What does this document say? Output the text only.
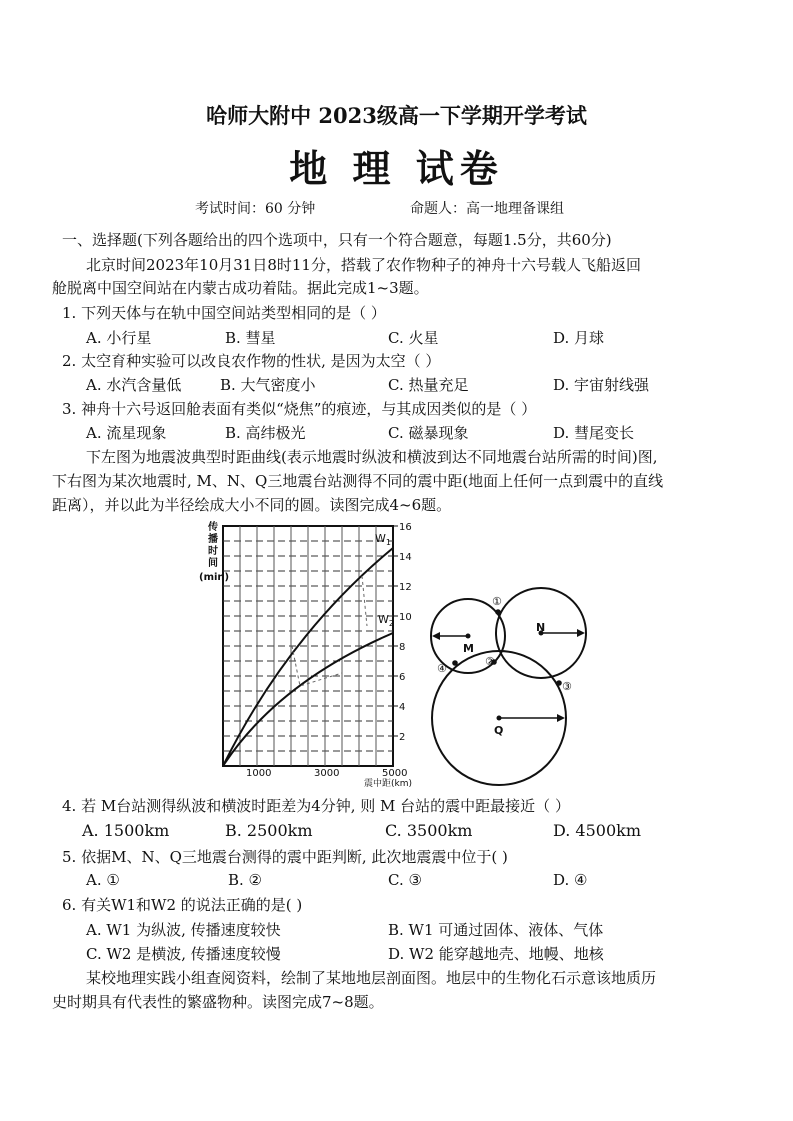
哈师大附中 2023级高一下学期开学考试
地 理 试卷
考试时间：60 分钟	命题人：高一地理备课组
一、选择题(下列各题给出的四个选项中，只有一个符合题意，每题1.5分，共60分)
北京时间2023年10月31日8时11分，搭载了农作物种子的神舟十六号载人飞船返回
舱脱离中国空间站在内蒙古成功着陆。据此完成1~3题。
1. 下列天体与在轨中国空间站类型相同的是（ ）
A. 小行星	B. 彗星	C. 火星	D. 月球
2. 太空育种实验可以改良农作物的性状, 是因为太空（ ）
A. 水汽含量低	B. 大气密度小	C. 热量充足	D. 宇宙射线强
3. 神舟十六号返回舱表面有类似“烧焦”的痕迹，与其成因类似的是（ ）
A. 流星现象	B. 高纬极光	C. 磁暴现象	D. 彗尾变长
下左图为地震波典型时距曲线(表示地震时纵波和横波到达不同地震台站所需的时间)图,
下右图为某次地震时, M、N、Q三地震台站测得不同的震中距(地面上任何一点到震中的直线
距离），并以此为半径绘成大小不同的圆。读图完成4~6题。
传
播
时
间
(min)
16
14
12
10
8
6
4
2
$W_1$
$W_2$
1000	3000	5000
震中距(km)
M
N
Q
①
②
③
④
4. 若 M台站测得纵波和横波时距差为4分钟, 则 M 台站的震中距最接近（ ）
A. 1500km	B. 2500km	C. 3500km	D. 4500km
5. 依据M、N、Q三地震台测得的震中距判断, 此次地震震中位于( )
A. ①	B. ②	C. ③	D. ④
6. 有关W1和W2 的说法正确的是( )
A. W1 为纵波, 传播速度较快	B. W1 可通过固体、液体、气体
C. W2 是横波, 传播速度较慢	D. W2 能穿越地壳、地幔、地核
某校地理实践小组查阅资料，绘制了某地地层剖面图。地层中的生物化石示意该地质历
史时期具有代表性的繁盛物种。读图完成7~8题。
